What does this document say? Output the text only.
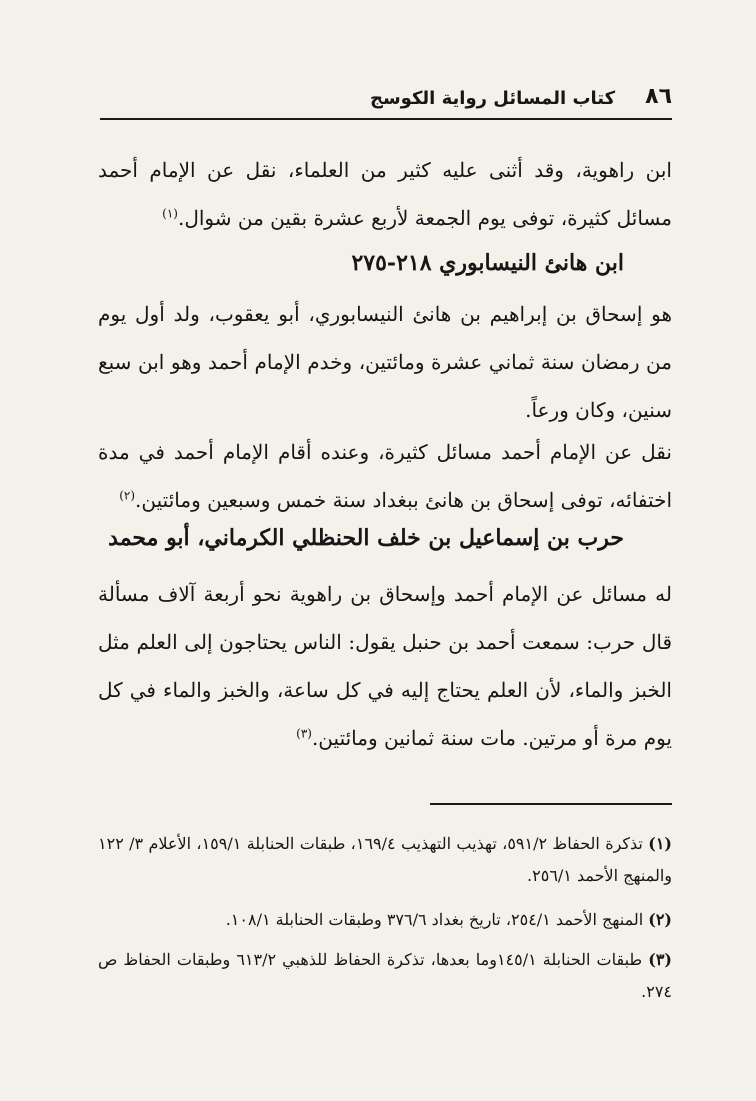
كتاب المسائل رواية الكوسج ٨٦

ابن راهوية، وقد أثنى عليه كثير من العلماء، نقل عن الإمام أحمد مسائل كثيرة، توفى يوم الجمعة لأربع عشرة بقين من شوال.$^{(١)}$

ابن هانئ النيسابوري ٢١٨-٢٧٥

هو إسحاق بن إبراهيم بن هانئ النيسابوري، أبو يعقوب، ولد أول يوم من رمضان سنة ثماني عشرة ومائتين، وخدم الإمام أحمد وهو ابن سبع سنين، وكان ورعاً.

نقل عن الإمام أحمد مسائل كثيرة، وعنده أقام الإمام أحمد في مدة اختفائه، توفى إسحاق بن هانئ ببغداد سنة خمس وسبعين ومائتين.$^{(٢)}$

حرب بن إسماعيل بن خلف الحنظلي الكرماني، أبو محمد

له مسائل عن الإمام أحمد وإسحاق بن راهوية نحو أربعة آلاف مسألة قال حرب: سمعت أحمد بن حنبل يقول: الناس يحتاجون إلى العلم مثل الخبز والماء، لأن العلم يحتاج إليه في كل ساعة، والخبز والماء في كل يوم مرة أو مرتين. مات سنة ثمانين ومائتين.$^{(٣)}$

(١) تذكرة الحفاظ ٥٩١/٢، تهذيب التهذيب ١٦٩/٤، طبقات الحنابلة ١٥٩/١، الأعلام ٣/ ١٢٢ والمنهج الأحمد ٢٥٦/١.

(٢) المنهج الأحمد ٢٥٤/١، تاريخ بغداد ٣٧٦/٦ وطبقات الحنابلة ١٠٨/١.

(٣) طبقات الحنابلة ١٤٥/١وما بعدها، تذكرة الحفاظ للذهبي ٦١٣/٢ وطبقات الحفاظ ص ٢٧٤.
